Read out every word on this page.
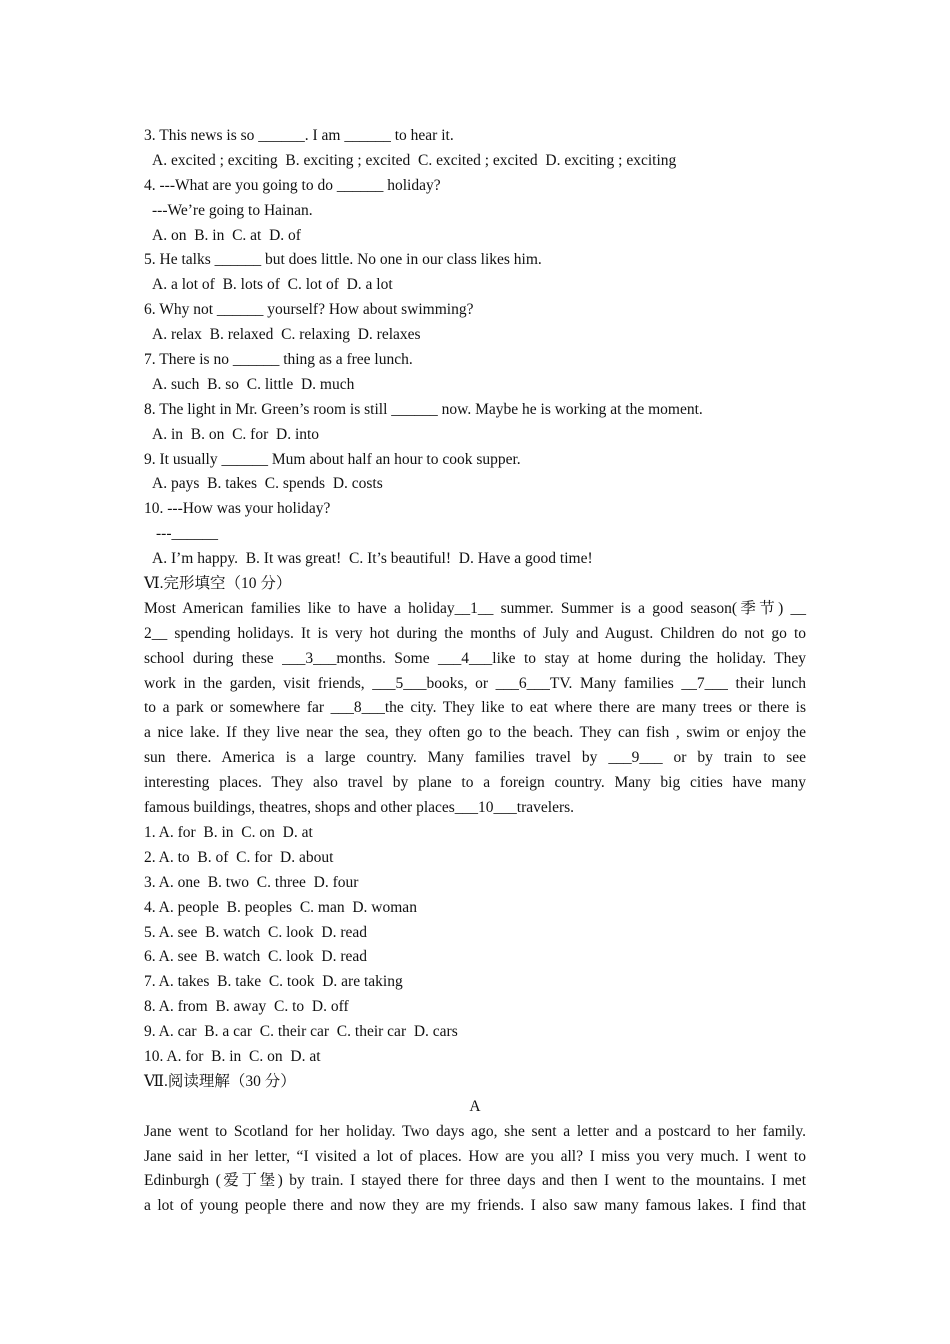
3. This news is so ______. I am ______ to hear it.
A. excited ; exciting  B. exciting ; excited  C. excited ; excited  D. exciting ; exciting
4. ---What are you going to do ______ holiday?
---We’re going to Hainan.
A. on  B. in  C. at  D. of
5. He talks ______ but does little. No one in our class likes him.
A. a lot of  B. lots of  C. lot of  D. a lot
6. Why not ______ yourself? How about swimming?
A. relax  B. relaxed  C. relaxing  D. relaxes
7. There is no ______ thing as a free lunch.
A. such  B. so  C. little  D. much
8. The light in Mr. Green’s room is still ______ now. Maybe he is working at the moment.
A. in  B. on  C. for  D. into
9. It usually ______ Mum about half an hour to cook supper.
A. pays  B. takes  C. spends  D. costs
10. ---How was your holiday?
---______
A. I’m happy.  B. It was great!  C. It’s beautiful!  D. Have a good time!
Ⅵ.完形填空（10 分）
Most American families like to have a holiday__1__ summer. Summer is a good season(季节) __
2__ spending holidays. It is very hot during the months of July and August. Children do not go to
school during these ___3___months. Some ___4___like to stay at home during the holiday. They
work in the garden, visit friends, ___5___books, or ___6___TV. Many families __7___ their lunch
to a park or somewhere far ___8___the city. They like to eat where there are many trees or there is
a nice lake. If they live near the sea, they often go to the beach. They can fish , swim or enjoy the
sun there. America is a large country. Many families travel by ___9___ or by train to see
interesting places. They also travel by plane to a foreign country. Many big cities have many
famous buildings, theatres, shops and other places___10___travelers.
1. A. for  B. in  C. on  D. at
2. A. to  B. of  C. for  D. about
3. A. one  B. two  C. three  D. four
4. A. people  B. peoples  C. man  D. woman
5. A. see  B. watch  C. look  D. read
6. A. see  B. watch  C. look  D. read
7. A. takes  B. take  C. took  D. are taking
8. A. from  B. away  C. to  D. off
9. A. car  B. a car  C. their car  C. their car  D. cars
10. A. for  B. in  C. on  D. at
Ⅶ.阅读理解（30 分）
A
Jane went to Scotland for her holiday. Two days ago, she sent a letter and a postcard to her family.
Jane said in her letter, “I visited a lot of places. How are you all? I miss you very much. I went to
Edinburgh (爱丁堡) by train. I stayed there for three days and then I went to the mountains. I met
a lot of young people there and now they are my friends. I also saw many famous lakes. I find that
